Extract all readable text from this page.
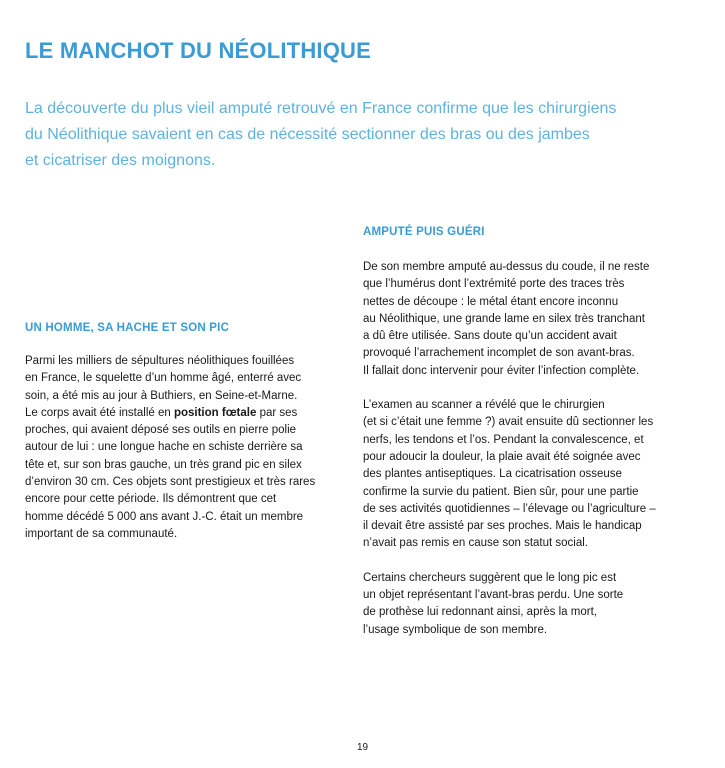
LE MANCHOT DU NÉOLITHIQUE

La découverte du plus vieil amputé retrouvé en France confirme que les chirurgiens
du Néolithique savaient en cas de nécessité sectionner des bras ou des jambes
et cicatriser des moignons.

UN HOMME, SA HACHE ET SON PIC

Parmi les milliers de sépultures néolithiques fouillées
en France, le squelette d’un homme âgé, enterré avec
soin, a été mis au jour à Buthiers, en Seine-et-Marne.
Le corps avait été installé en position fœtale par ses
proches, qui avaient déposé ses outils en pierre polie
autour de lui : une longue hache en schiste derrière sa
tête et, sur son bras gauche, un très grand pic en silex
d’environ 30 cm. Ces objets sont prestigieux et très rares
encore pour cette période. Ils démontrent que cet
homme décédé 5 000 ans avant J.-C. était un membre
important de sa communauté.

AMPUTÉ PUIS GUÉRI

De son membre amputé au-dessus du coude, il ne reste
que l’humérus dont l’extrémité porte des traces très
nettes de découpe : le métal étant encore inconnu
au Néolithique, une grande lame en silex très tranchant
a dû être utilisée. Sans doute qu’un accident avait
provoqué l’arrachement incomplet de son avant-bras.
Il fallait donc intervenir pour éviter l’infection complète.

L’examen au scanner a révélé que le chirurgien
(et si c’était une femme ?) avait ensuite dû sectionner les
nerfs, les tendons et l’os. Pendant la convalescence, et
pour adoucir la douleur, la plaie avait été soignée avec
des plantes antiseptiques. La cicatrisation osseuse
confirme la survie du patient. Bien sûr, pour une partie
de ses activités quotidiennes – l’élevage ou l’agriculture –
il devait être assisté par ses proches. Mais le handicap
n’avait pas remis en cause son statut social.

Certains chercheurs suggèrent que le long pic est
un objet représentant l’avant-bras perdu. Une sorte
de prothèse lui redonnant ainsi, après la mort,
l’usage symbolique de son membre.

19
